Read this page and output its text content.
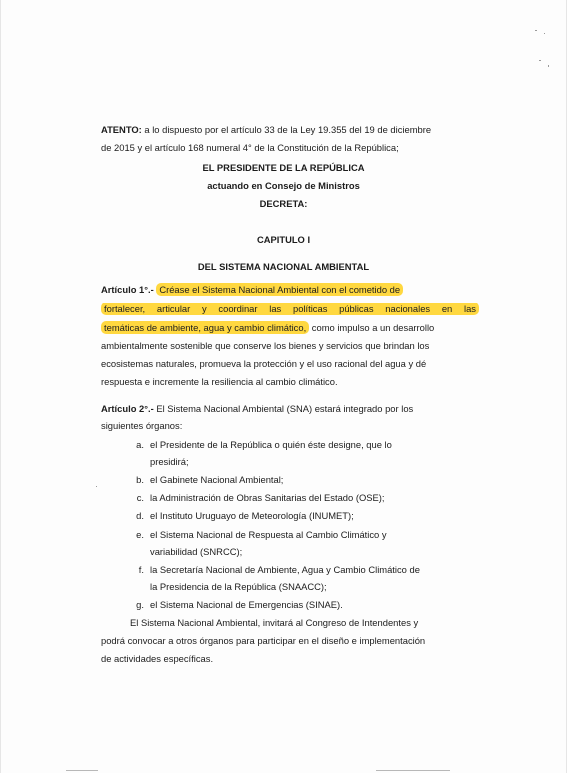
ATENTO: a lo dispuesto por el artículo 33 de la Ley 19.355 del 19 de diciembre
de 2015 y el artículo 168 numeral 4° de la Constitución de la República;
EL PRESIDENTE DE LA REPÚBLICA
actuando en Consejo de Ministros
DECRETA:
CAPITULO I
DEL SISTEMA NACIONAL AMBIENTAL
Artículo 1°.- Créase el Sistema Nacional Ambiental con el cometido de
fortalecer, articular y coordinar las políticas públicas nacionales en las
temáticas de ambiente, agua y cambio climático, como impulso a un desarrollo
ambientalmente sostenible que conserve los bienes y servicios que brindan los
ecosistemas naturales, promueva la protección y el uso racional del agua y dé
respuesta e incremente la resiliencia al cambio climático.
Artículo 2°.- El Sistema Nacional Ambiental (SNA) estará integrado por los
siguientes órganos:
a. el Presidente de la República o quién éste designe, que lo
presidirá;
b. el Gabinete Nacional Ambiental;
c. la Administración de Obras Sanitarias del Estado (OSE);
d. el Instituto Uruguayo de Meteorología (INUMET);
e. el Sistema Nacional de Respuesta al Cambio Climático y
variabilidad (SNRCC);
f. la Secretaría Nacional de Ambiente, Agua y Cambio Climático de
la Presidencia de la República (SNAACC);
g. el Sistema Nacional de Emergencias (SINAE).
El Sistema Nacional Ambiental, invitará al Congreso de Intendentes y
podrá convocar a otros órganos para participar en el diseño e implementación
de actividades específicas.
